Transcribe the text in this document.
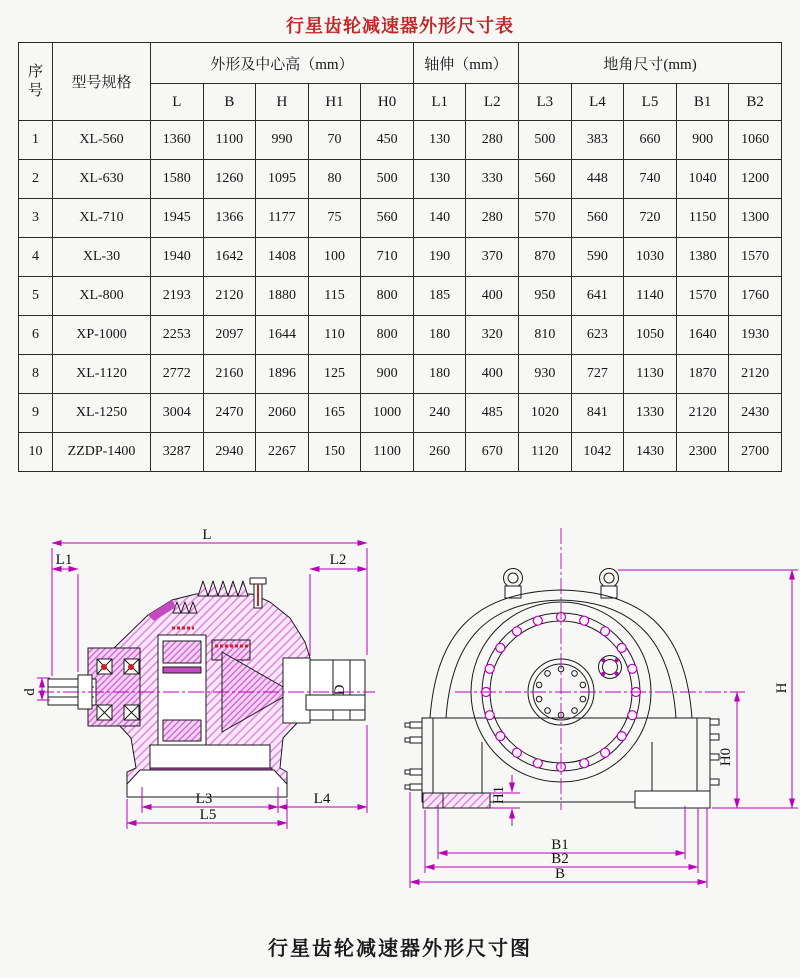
行星齿轮减速器外形尺寸表
序
号	型号规格	外形及中心高（mm）					轴伸（mm）		地角尺寸(mm)				
		L	B	H	H1	H0	L1	L2	L3	L4	L5	B1	B2
1	XL-560	1360	1100	990	70	450	130	280	500	383	660	900	1060
2	XL-630	1580	1260	1095	80	500	130	330	560	448	740	1040	1200
3	XL-710	1945	1366	1177	75	560	140	280	570	560	720	1150	1300
4	XL-30	1940	1642	1408	100	710	190	370	870	590	1030	1380	1570
5	XL-800	2193	2120	1880	115	800	185	400	950	641	1140	1570	1760
6	XP-1000	2253	2097	1644	110	800	180	320	810	623	1050	1640	1930
8	XL-1120	2772	2160	1896	125	900	180	400	930	727	1130	1870	2120
9	XL-1250	3004	2470	2060	165	1000	240	485	1020	841	1330	2120	2430
10	ZZDP-1400	3287	2940	2267	150	1100	260	670	1120	1042	1430	2300	2700
L
L1	L2
d	D
L3	L4
L5
H
H0
H1
B1
B2
B
行星齿轮减速器外形尺寸图
